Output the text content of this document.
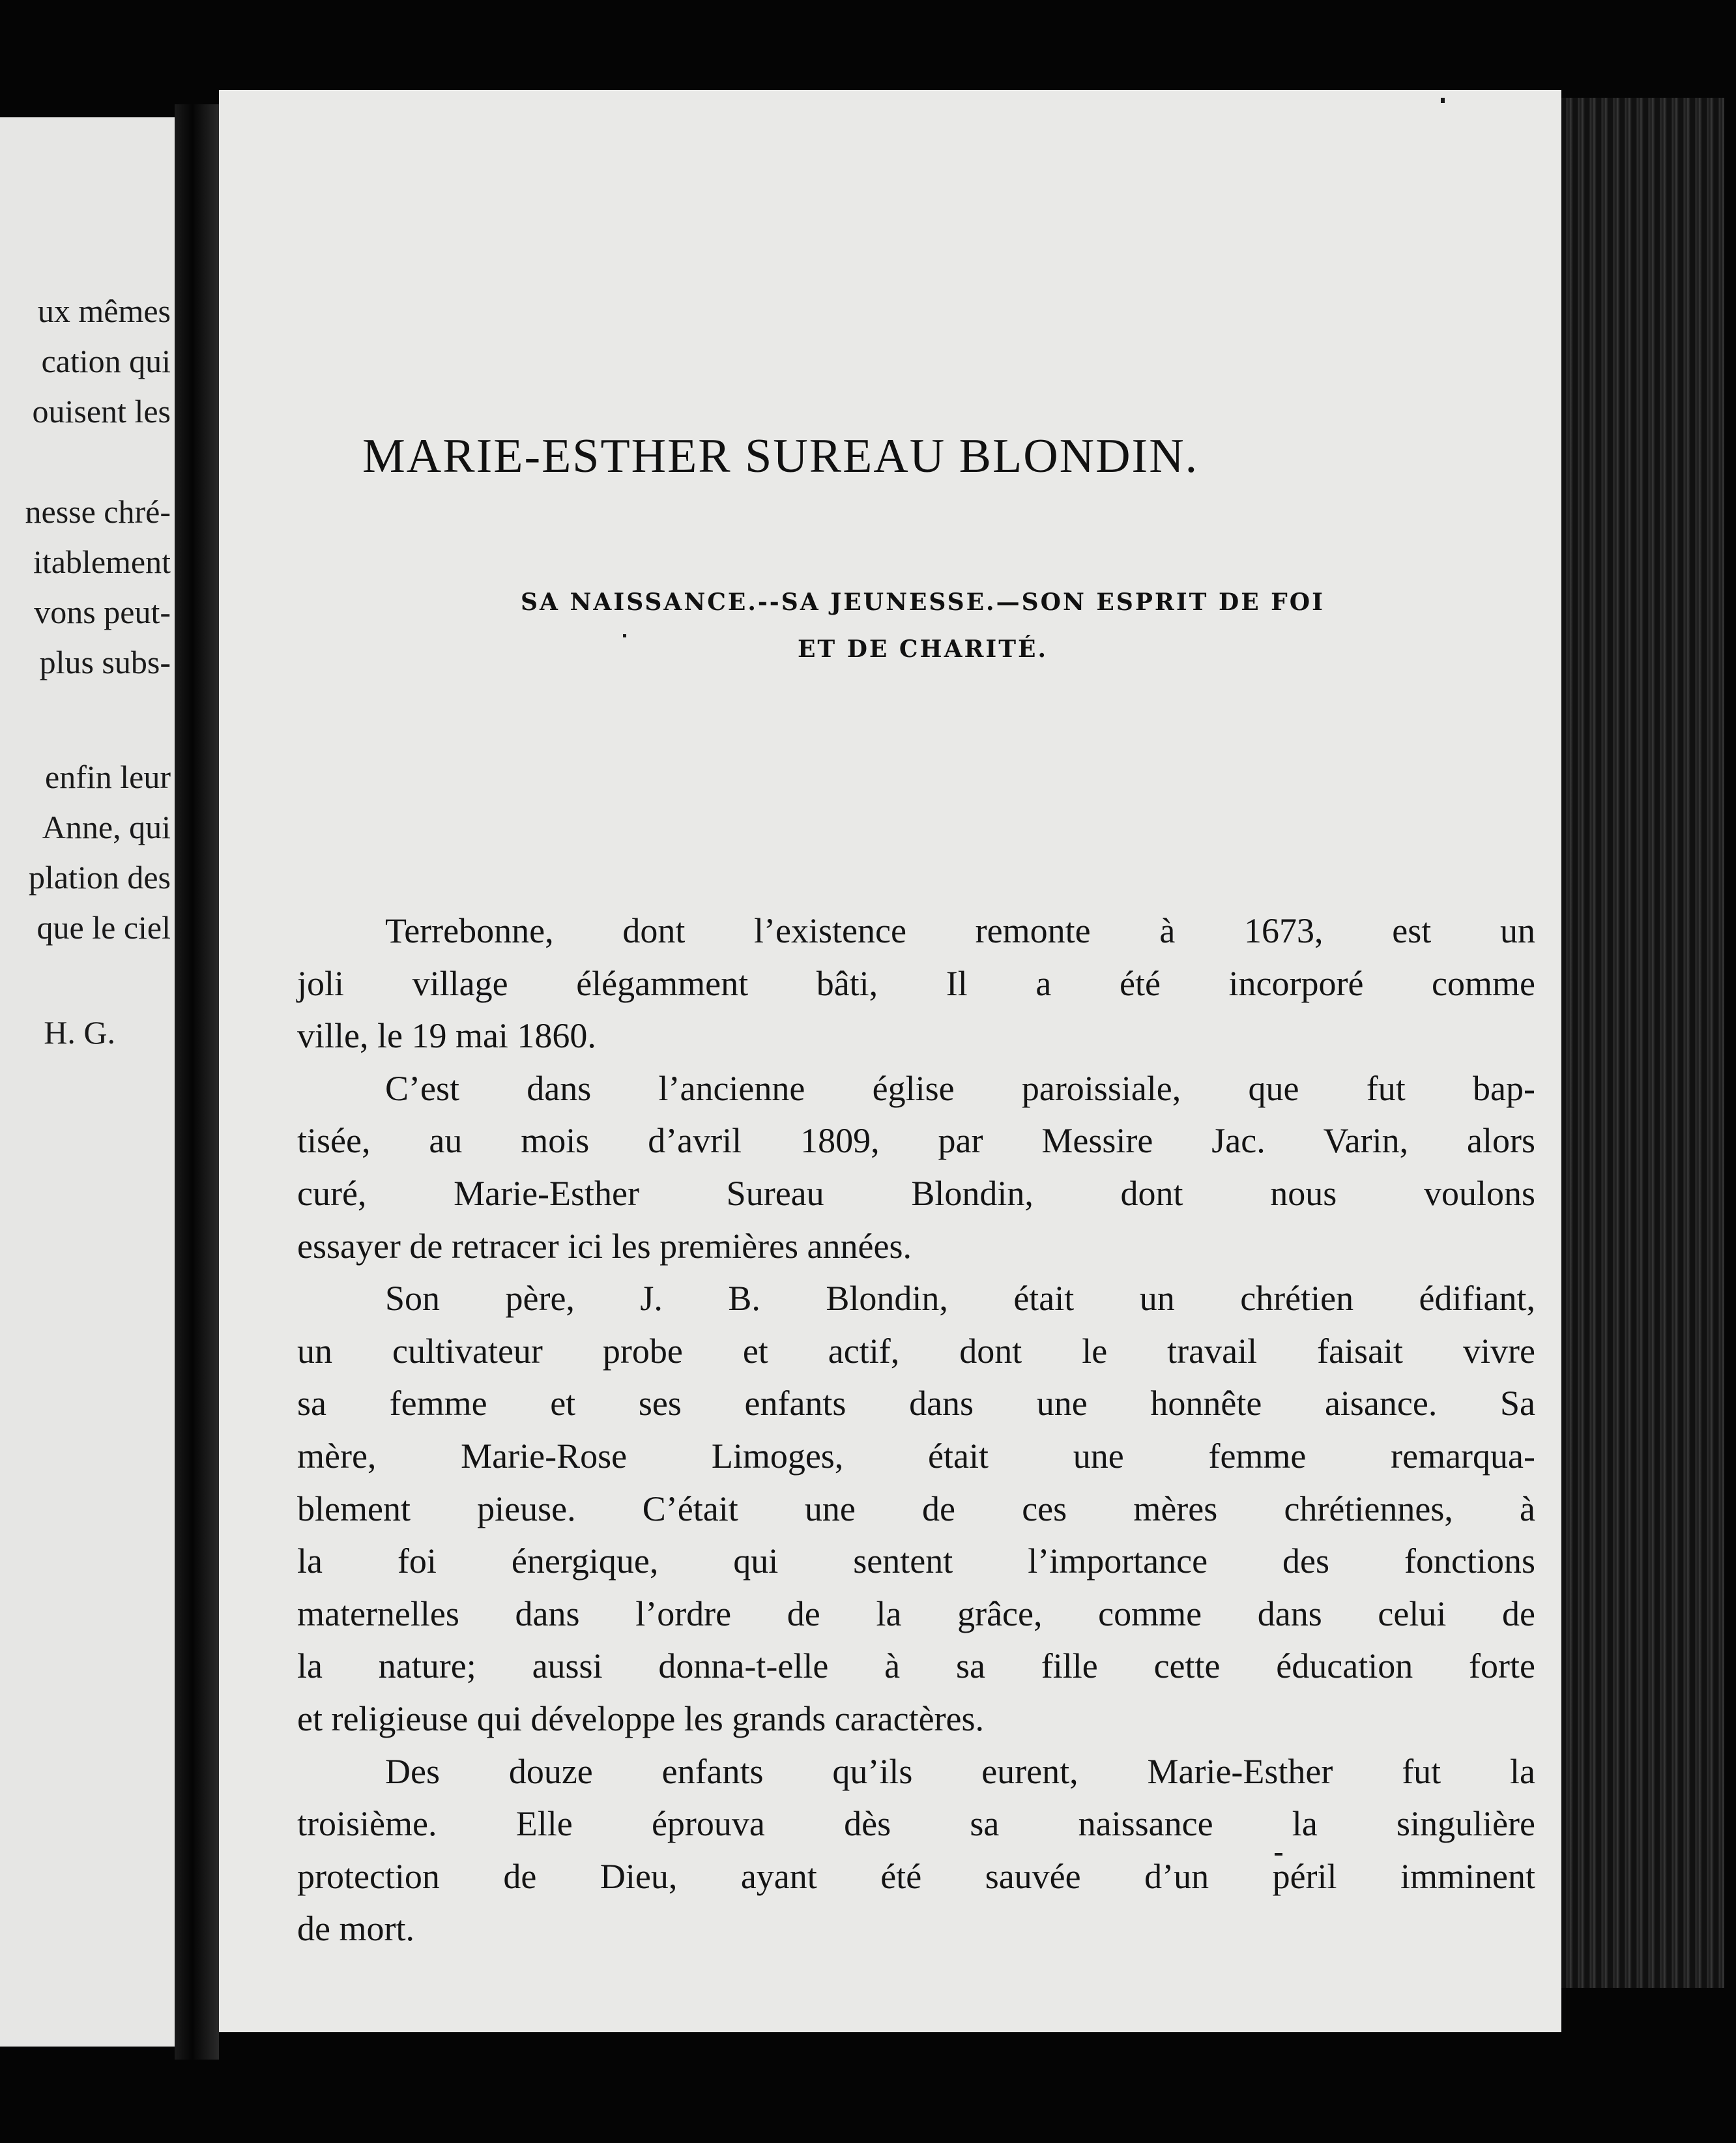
ux mêmes
cation qui
ouisent les
nesse chré-
itablement
vons peut-
plus subs-
enfin leur
Anne, qui
plation des
que le ciel
H. G.
MARIE-ESTHER SUREAU BLONDIN.
SA NAISSANCE.--SA JEUNESSE.—SON ESPRIT DE FOI
ET DE CHARITÉ.
Terrebonne, dont l’existence remonte à 1673, est un
joli village élégamment bâti, Il a été incorporé comme
ville, le 19 mai 1860.
C’est dans l’ancienne église paroissiale, que fut bap-
tisée, au mois d’avril 1809, par Messire Jac. Varin, alors
curé, Marie-Esther Sureau Blondin, dont nous voulons
essayer de retracer ici les premières années.
Son père, J. B. Blondin, était un chrétien édifiant,
un cultivateur probe et actif, dont le travail faisait vivre
sa femme et ses enfants dans une honnête aisance. Sa
mère, Marie-Rose Limoges, était une femme remarqua-
blement pieuse. C’était une de ces mères chrétiennes, à
la foi énergique, qui sentent l’importance des fonctions
maternelles dans l’ordre de la grâce, comme dans celui de
la nature; aussi donna-t-elle à sa fille cette éducation forte
et religieuse qui développe les grands caractères.
Des douze enfants qu’ils eurent, Marie-Esther fut la
troisième. Elle éprouva dès sa naissance la singulière
protection de Dieu, ayant été sauvée d’un péril imminent
de mort.
